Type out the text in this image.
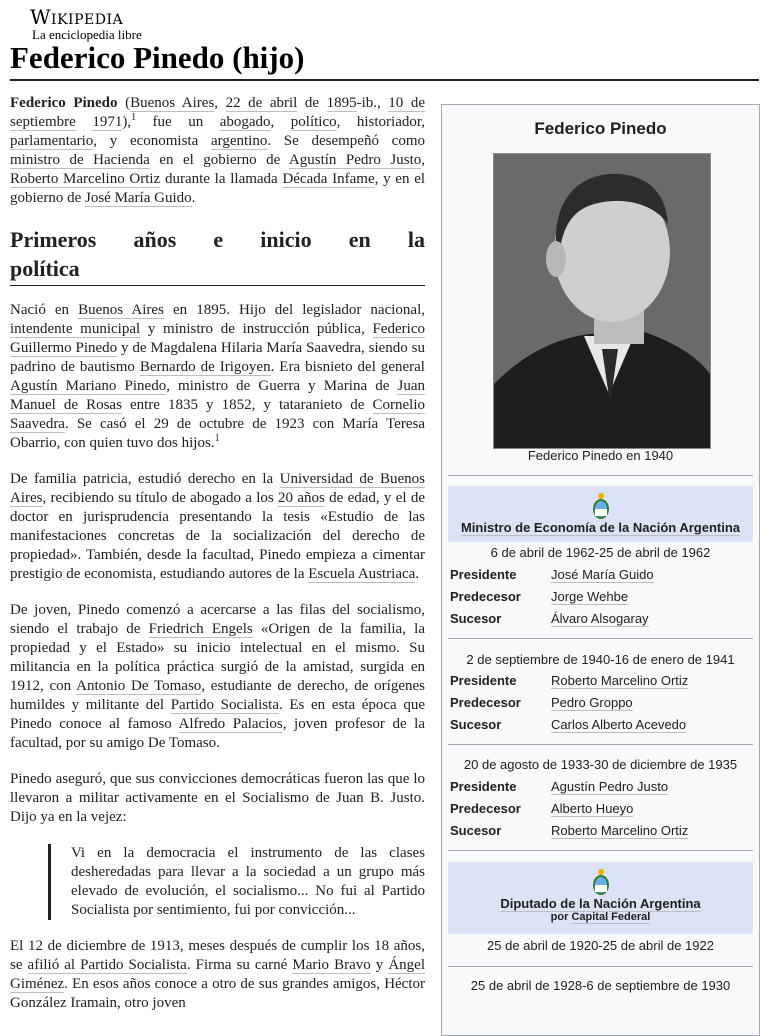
Wikipedia
La enciclopedia libre
Federico Pinedo (hijo)

Federico Pinedo (Buenos Aires, 22 de abril de 1895-ib., 10 de septiembre 1971),$^1$ fue un abogado, político, historiador, parlamentario, y economista argentino. Se desempeñó como ministro de Hacienda en el gobierno de Agustín Pedro Justo, Roberto Marcelino Ortiz durante la llamada Década Infame, y en el gobierno de José María Guido.

Primeros años e inicio en la
política

Nació en Buenos Aires en 1895. Hijo del legislador nacional, intendente municipal y ministro de instrucción pública, Federico Guillermo Pinedo y de Magdalena Hilaria María Saavedra, siendo su padrino de bautismo Bernardo de Irigoyen. Era bisnieto del general Agustín Mariano Pinedo, ministro de Guerra y Marina de Juan Manuel de Rosas entre 1835 y 1852, y tataranieto de Cornelio Saavedra. Se casó el 29 de octubre de 1923 con María Teresa Obarrio, con quien tuvo dos hijos.$^1$

De familia patricia, estudió derecho en la Universidad de Buenos Aires, recibiendo su título de abogado a los 20 años de edad, y el de doctor en jurisprudencia presentando la tesis «Estudio de las manifestaciones concretas de la socialización del derecho de propiedad». También, desde la facultad, Pinedo empieza a cimentar prestigio de economista, estudiando autores de la Escuela Austriaca.

De joven, Pinedo comenzó a acercarse a las filas del socialismo, siendo el trabajo de Friedrich Engels «Origen de la familia, la propiedad y el Estado» su inicio intelectual en el mismo. Su militancia en la política práctica surgió de la amistad, surgida en 1912, con Antonio De Tomaso, estudiante de derecho, de orígenes humildes y militante del Partido Socialista. Es en esta época que Pinedo conoce al famoso Alfredo Palacios, joven profesor de la facultad, por su amigo De Tomaso.

Pinedo aseguró, que sus convicciones democráticas fueron las que lo llevaron a militar activamente en el Socialismo de Juan B. Justo. Dijo ya en la vejez:

Vi en la democracia el instrumento de las clases desheredadas para llevar a la sociedad a un grupo más elevado de evolución, el socialismo... No fui al Partido Socialista por sentimiento, fui por convicción...

El 12 de diciembre de 1913, meses después de cumplir los 18 años, se afilió al Partido Socialista. Firma su carné Mario Bravo y Ángel Giménez. En esos años conoce a otro de sus grandes amigos, Héctor González Iramain, otro joven

Federico Pinedo
Federico Pinedo en 1940
Ministro de Economía de la Nación Argentina
6 de abril de 1962-25 de abril de 1962
Presidente	José María Guido
Predecesor Jorge Wehbe
Sucesor	Álvaro Alsogaray
2 de septiembre de 1940-16 de enero de 1941
Presidente	Roberto Marcelino Ortiz
Predecesor Pedro Groppo
Sucesor	Carlos Alberto Acevedo
20 de agosto de 1933-30 de diciembre de 1935
Presidente	Agustín Pedro Justo
Predecesor Alberto Hueyo
Sucesor	Roberto Marcelino Ortiz
Diputado de la Nación Argentina
por Capital Federal
25 de abril de 1920-25 de abril de 1922
25 de abril de 1928-6 de septiembre de 1930
